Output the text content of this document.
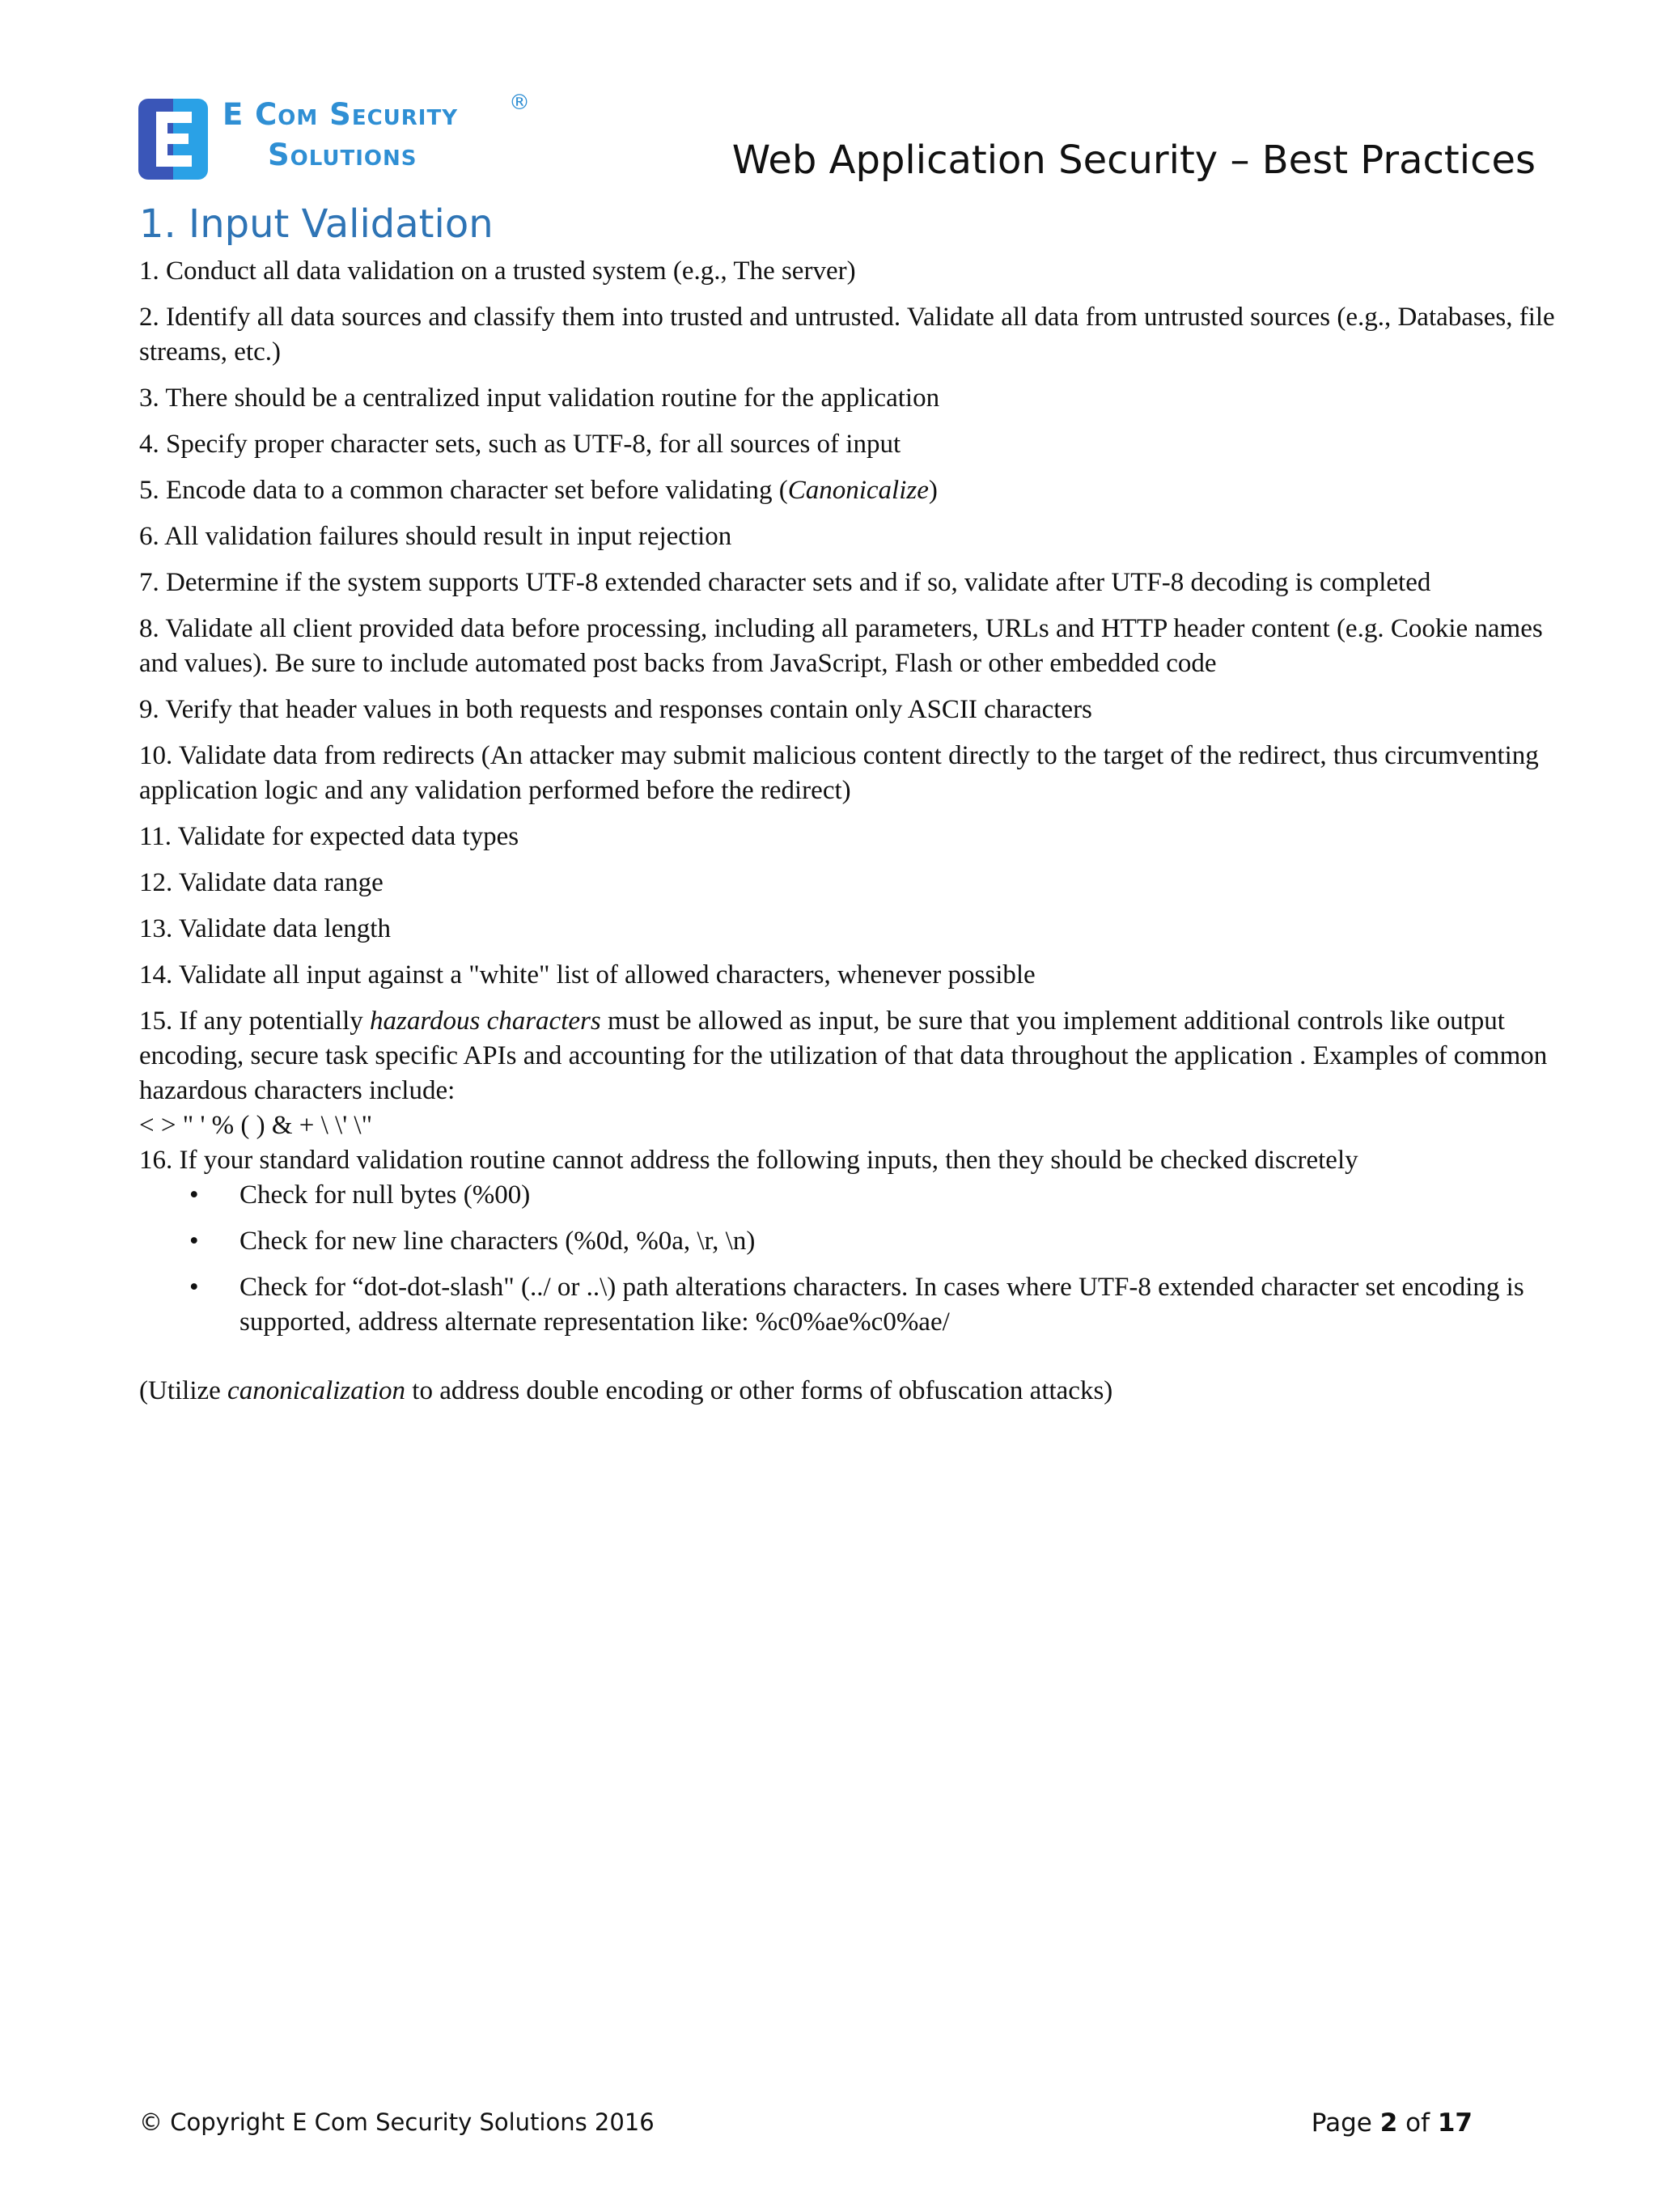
E Com Security
Solutions
®
Web Application Security – Best Practices
1. Input Validation

1. Conduct all data validation on a trusted system (e.g., The server)

2. Identify all data sources and classify them into trusted and untrusted. Validate all data from untrusted sources (e.g., Databases, file streams, etc.)

3. There should be a centralized input validation routine for the application

4. Specify proper character sets, such as UTF-8, for all sources of input

5. Encode data to a common character set before validating (Canonicalize)

6. All validation failures should result in input rejection

7. Determine if the system supports UTF-8 extended character sets and if so, validate after UTF-8 decoding is completed

8. Validate all client provided data before processing, including all parameters, URLs and HTTP header content (e.g. Cookie names and values). Be sure to include automated post backs from JavaScript, Flash or other embedded code

9. Verify that header values in both requests and responses contain only ASCII characters

10. Validate data from redirects (An attacker may submit malicious content directly to the target of the redirect, thus circumventing application logic and any validation performed before the redirect)

11. Validate for expected data types

12. Validate data range

13. Validate data length

14. Validate all input against a "white" list of allowed characters, whenever possible

15. If any potentially hazardous characters must be allowed as input, be sure that you implement additional controls like output encoding, secure task specific APIs and accounting for the utilization of that data throughout the application . Examples of common hazardous characters include:

< > " ' % ( ) & + \ \' \"

16. If your standard validation routine cannot address the following inputs, then they should be checked discretely

• Check for null bytes (%00)
• Check for new line characters (%0d, %0a, \r, \n)
• Check for “dot-dot-slash" (../ or ..\) path alterations characters. In cases where UTF-8 extended character set encoding is supported, address alternate representation like: %c0%ae%c0%ae/

(Utilize canonicalization to address double encoding or other forms of obfuscation attacks)

© Copyright E Com Security Solutions 2016	Page 2 of 17
